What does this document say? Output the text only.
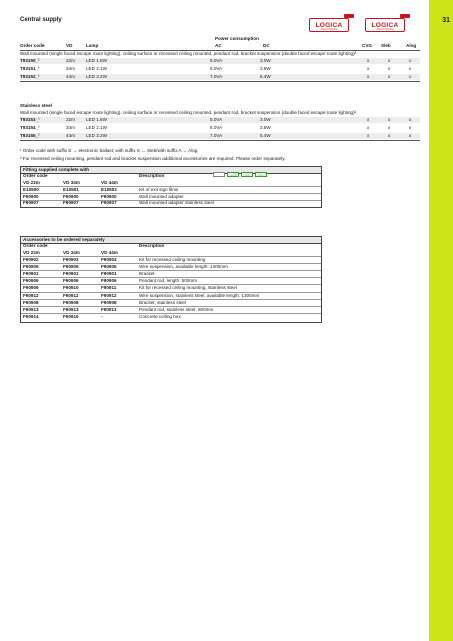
31
Central supply
LOGICA
SOLUTIONS
LOGICA
SOLUTIONS
Power consumption
Order code	VD	Lamp	AC	DC	CVG Sleb	Alog
Wall mounted (single faced escape route lighting), ceiling surface or recessed ceiling mounted, pendant rod, bracket suspension (double faced escape route lighting)²
T93150_¹	22m LED 1.6W	5.0VA	3.0W	x	x	x
T93151_¹	34m LED 2.1W	6.0VA	3.8W	x	x	x
T93152_¹	44m LED 3.2W	7.0VA	5.4W	x	x	x
Stainless steel
Wall mounted (single faced escape route lighting), ceiling surface or recessed ceiling mounted, pendant rod, bracket suspension (double faced escape route lighting)²
T93153_¹	22m LED 1.6W	5.0VA	3.0W	x	x	x
T93154_¹	34m LED 2.1W	6.0VA	3.8W	x	x	x
T93155_¹	44m LED 3.2W	7.0VA	5.4W	x	x	x
¹ Order code with suffix E → electronic ballast; with suffix S → Sleb/with suffix A → Alog
² For recessed ceiling mounting, pendant rod and bracket suspension additional accessories are required. Please order separately.
Fitting supplied complete with
Order code	Description
VD 22m	VD 34m	VD 44m
E10500	E10501	E10502	Kit of exit sign films
F90900	F90900	F90900	Wall mounted adapter
F90907	F90907	F90907	Wall mounted adapter stainless steel
←□	↓□	□→
Accessories to be ordered separately
Order code	Description
VD 22m	VD 34m	VD 44m
F90902	F90903	F90904	Kit for recessed ceiling mounting
F90905	F90905	F90905	Wire suspension, available length: 1300mm
F90901	F90901	F90901	Bracket
F90906	F90906	F90906	Pendant rod, length: 500mm
F90909	F90910	F90911	Kit for recessed ceiling mounting, stainless steel
F90912	F90912	F90912	Wire suspension, stainless steel, available length: 1300mm
F90908	F90908	F90908	Bracket, stainless steel
F90913	F90913	F90913	Pendant rod, stainless steel, 500mm
F90914	F90915	-	Concrete ceiling box
